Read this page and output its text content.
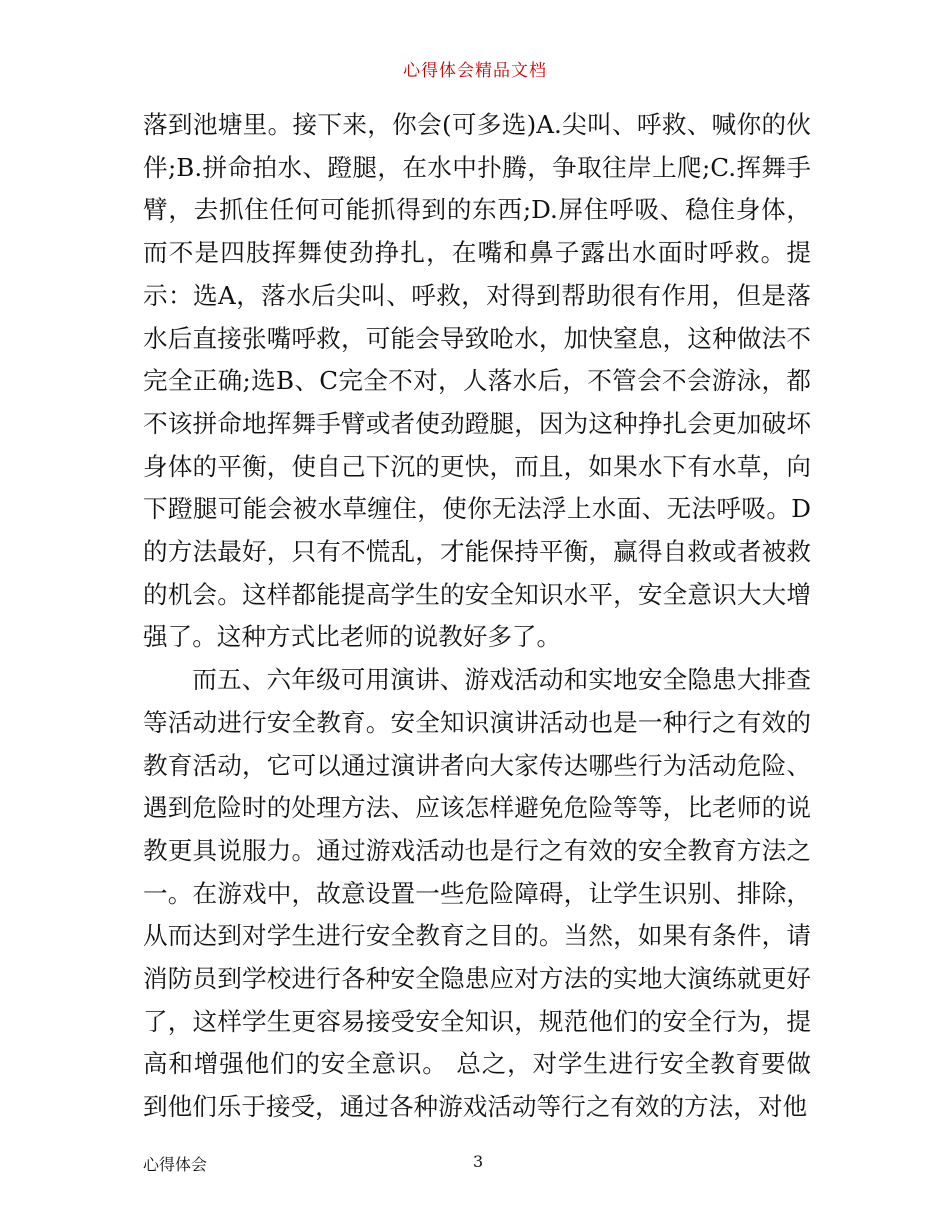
心得体会精品文档

落到池塘里。接下来，你会(可多选)A.尖叫、呼救、喊你的伙伴;B.拼命拍水、蹬腿，在水中扑腾，争取往岸上爬;C.挥舞手臂，去抓住任何可能抓得到的东西;D.屏住呼吸、稳住身体，而不是四肢挥舞使劲挣扎，在嘴和鼻子露出水面时呼救。提示：选A，落水后尖叫、呼救，对得到帮助很有作用，但是落水后直接张嘴呼救，可能会导致呛水，加快窒息，这种做法不完全正确;选B、C完全不对，人落水后，不管会不会游泳，都不该拼命地挥舞手臂或者使劲蹬腿，因为这种挣扎会更加破坏身体的平衡，使自己下沉的更快，而且，如果水下有水草，向下蹬腿可能会被水草缠住，使你无法浮上水面、无法呼吸。D的方法最好，只有不慌乱，才能保持平衡，赢得自救或者被救的机会。这样都能提高学生的安全知识水平，安全意识大大增强了。这种方式比老师的说教好多了。

而五、六年级可用演讲、游戏活动和实地安全隐患大排查等活动进行安全教育。安全知识演讲活动也是一种行之有效的教育活动，它可以通过演讲者向大家传达哪些行为活动危险、遇到危险时的处理方法、应该怎样避免危险等等，比老师的说教更具说服力。通过游戏活动也是行之有效的安全教育方法之一。在游戏中，故意设置一些危险障碍，让学生识别、排除，从而达到对学生进行安全教育之目的。当然，如果有条件，请消防员到学校进行各种安全隐患应对方法的实地大演练就更好了，这样学生更容易接受安全知识，规范他们的安全行为，提高和增强他们的安全意识。 总之，对学生进行安全教育要做到他们乐于接受，通过各种游戏活动等行之有效的方法，对他

心得体会	3
